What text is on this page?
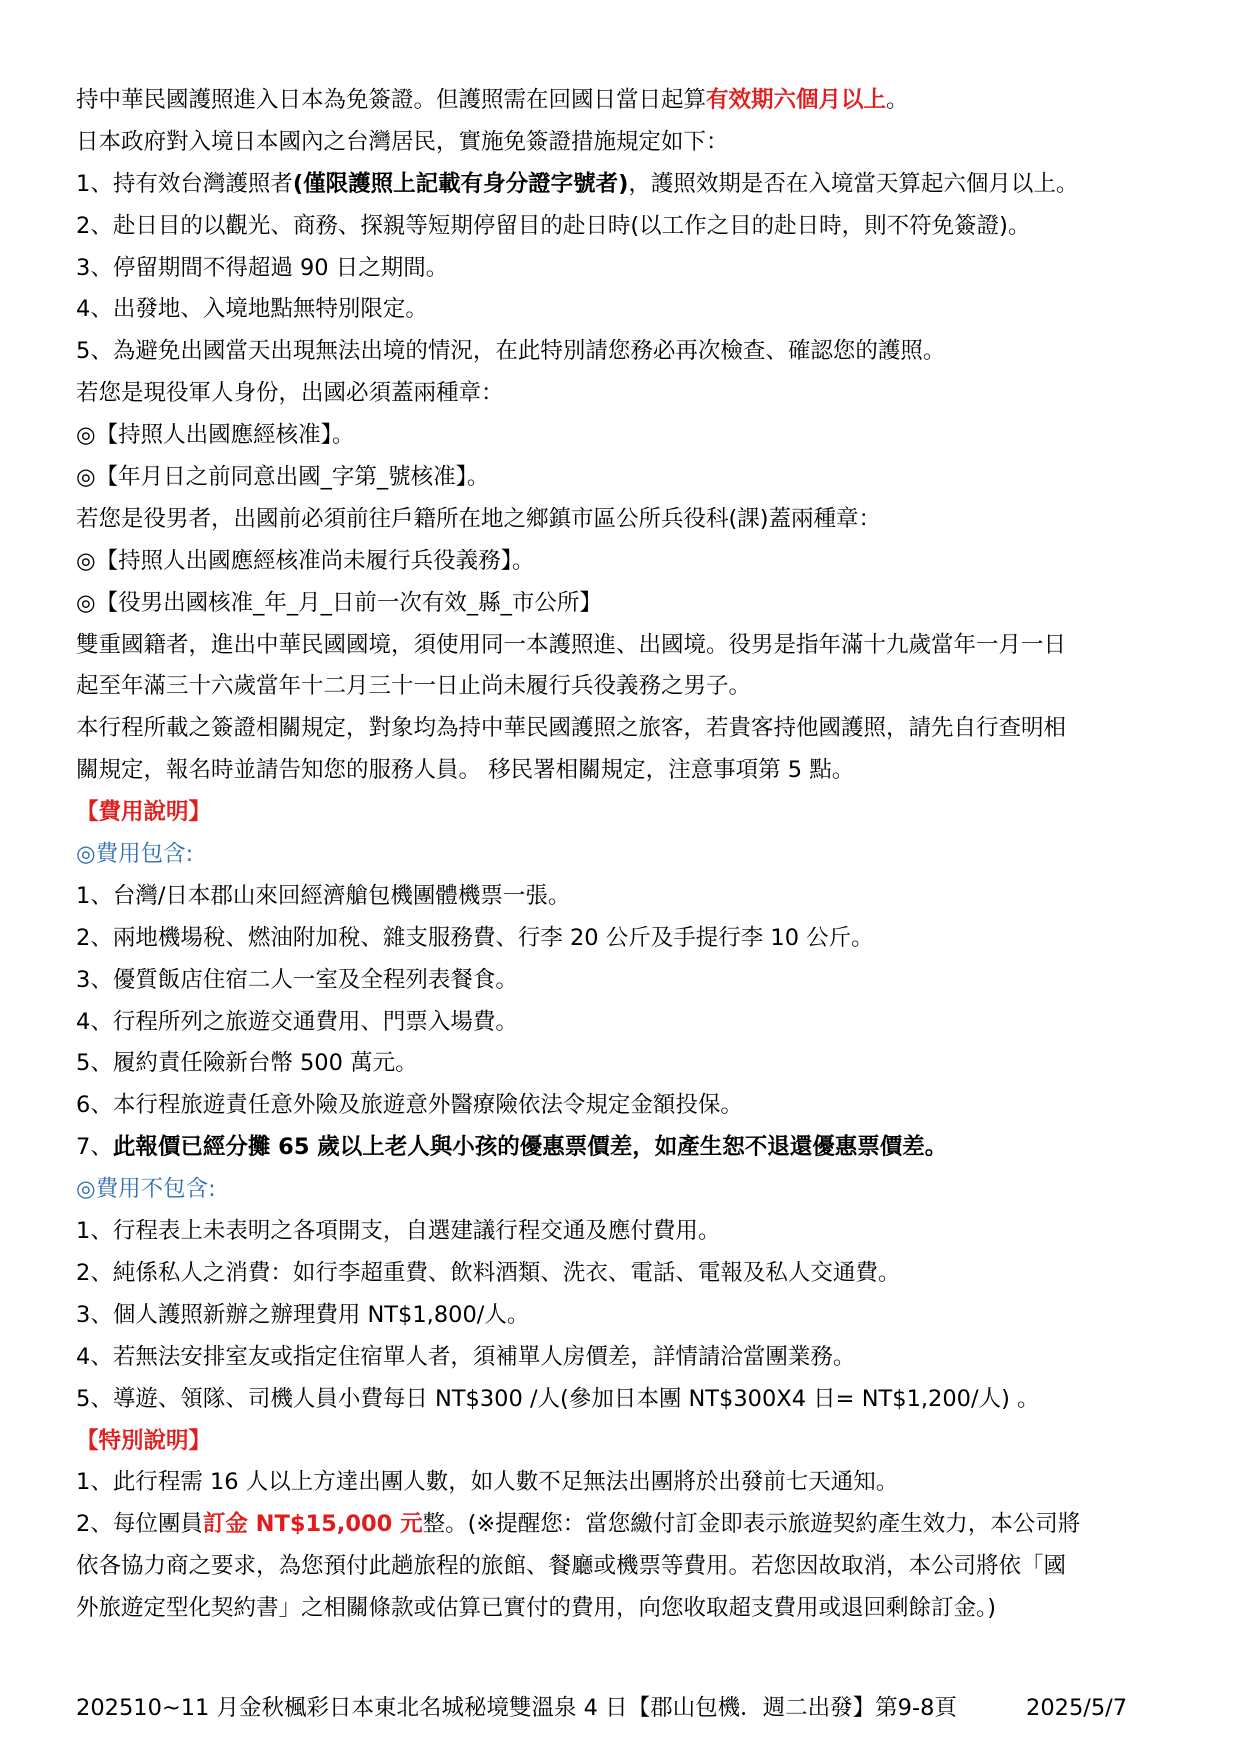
持中華民國護照進入日本為免簽證。但護照需在回國日當日起算有效期六個月以上。
日本政府對入境日本國內之台灣居民，實施免簽證措施規定如下：
1、持有效台灣護照者(僅限護照上記載有身分證字號者)，護照效期是否在入境當天算起六個月以上。
2、赴日目的以觀光、商務、探親等短期停留目的赴日時(以工作之目的赴日時，則不符免簽證)。
3、停留期間不得超過 90 日之期間。
4、出發地、入境地點無特別限定。
5、為避免出國當天出現無法出境的情況，在此特別請您務必再次檢查、確認您的護照。
若您是現役軍人身份，出國必須蓋兩種章：
◎【持照人出國應經核准】。
◎【年月日之前同意出國_字第_號核准】。
若您是役男者，出國前必須前往戶籍所在地之鄉鎮市區公所兵役科(課)蓋兩種章：
◎【持照人出國應經核准尚未履行兵役義務】。
◎【役男出國核准_年_月_日前一次有效_縣_市公所】
雙重國籍者，進出中華民國國境，須使用同一本護照進、出國境。役男是指年滿十九歲當年一月一日
起至年滿三十六歲當年十二月三十一日止尚未履行兵役義務之男子。
本行程所載之簽證相關規定，對象均為持中華民國護照之旅客，若貴客持他國護照，請先自行查明相
關規定，報名時並請告知您的服務人員。 移民署相關規定，注意事項第 5 點。
【費用說明】
◎費用包含:
1、台灣/日本郡山來回經濟艙包機團體機票一張。
2、兩地機場稅、燃油附加稅、雜支服務費、行李 20 公斤及手提行李 10 公斤。
3、優質飯店住宿二人一室及全程列表餐食。
4、行程所列之旅遊交通費用、門票入場費。
5、履約責任險新台幣 500 萬元。
6、本行程旅遊責任意外險及旅遊意外醫療險依法令規定金額投保。
7、此報價已經分攤 65 歲以上老人與小孩的優惠票價差，如產生恕不退還優惠票價差。
◎費用不包含:
1、行程表上未表明之各項開支，自選建議行程交通及應付費用。
2、純係私人之消費：如行李超重費、飲料酒類、洗衣、電話、電報及私人交通費。
3、個人護照新辦之辦理費用 NT$1,800/人。
4、若無法安排室友或指定住宿單人者，須補單人房價差，詳情請洽當團業務。
5、導遊、領隊、司機人員小費每日 NT$300 /人(參加日本團 NT$300X4 日= NT$1,200/人) 。
【特別說明】
1、此行程需 16 人以上方達出團人數，如人數不足無法出團將於出發前七天通知。
2、每位團員訂金 NT$15,000 元整。(※提醒您：當您繳付訂金即表示旅遊契約產生效力，本公司將
依各協力商之要求，為您預付此趟旅程的旅館、餐廳或機票等費用。若您因故取消，本公司將依「國
外旅遊定型化契約書」之相關條款或估算已實付的費用，向您收取超支費用或退回剩餘訂金。)
202510~11 月金秋楓彩日本東北名城秘境雙溫泉 4 日【郡山包機．週二出發】第9-8頁	2025/5/7
